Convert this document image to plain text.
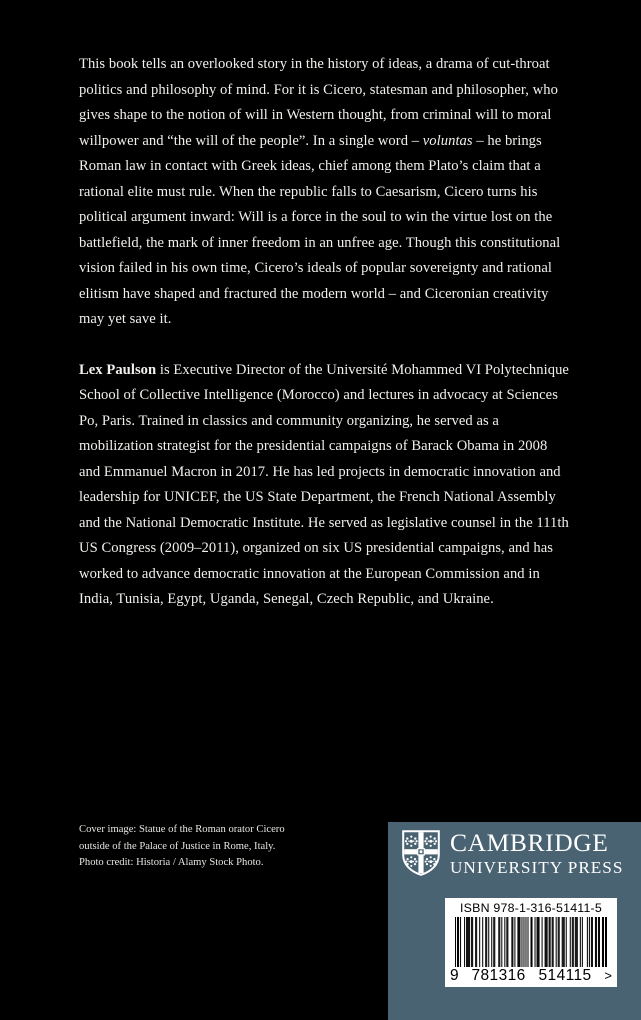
This book tells an overlooked story in the history of ideas, a drama of cut-throat politics and philosophy of mind. For it is Cicero, statesman and philosopher, who gives shape to the notion of will in Western thought, from criminal will to moral willpower and “the will of the people”. In a single word – voluntas – he brings Roman law in contact with Greek ideas, chief among them Plato’s claim that a rational elite must rule. When the republic falls to Caesarism, Cicero turns his political argument inward: Will is a force in the soul to win the virtue lost on the battlefield, the mark of inner freedom in an unfree age. Though this constitutional vision failed in his own time, Cicero’s ideals of popular sovereignty and rational elitism have shaped and fractured the modern world – and Ciceronian creativity may yet save it.

Lex Paulson is Executive Director of the Université Mohammed VI Polytechnique School of Collective Intelligence (Morocco) and lectures in advocacy at Sciences Po, Paris. Trained in classics and community organizing, he served as a mobilization strategist for the presidential campaigns of Barack Obama in 2008 and Emmanuel Macron in 2017. He has led projects in democratic innovation and leadership for UNICEF, the US State Department, the French National Assembly and the National Democratic Institute. He served as legislative counsel in the 111th US Congress (2009–2011), organized on six US presidential campaigns, and has worked to advance democratic innovation at the European Commission and in India, Tunisia, Egypt, Uganda, Senegal, Czech Republic, and Ukraine.

Cover image: Statue of the Roman orator Cicero
outside of the Palace of Justice in Rome, Italy.
Photo credit: Historia / Alamy Stock Photo.
CAMBRIDGE
UNIVERSITY PRESS
ISBN 978-1-316-51411-5
9 781316 514115 >
